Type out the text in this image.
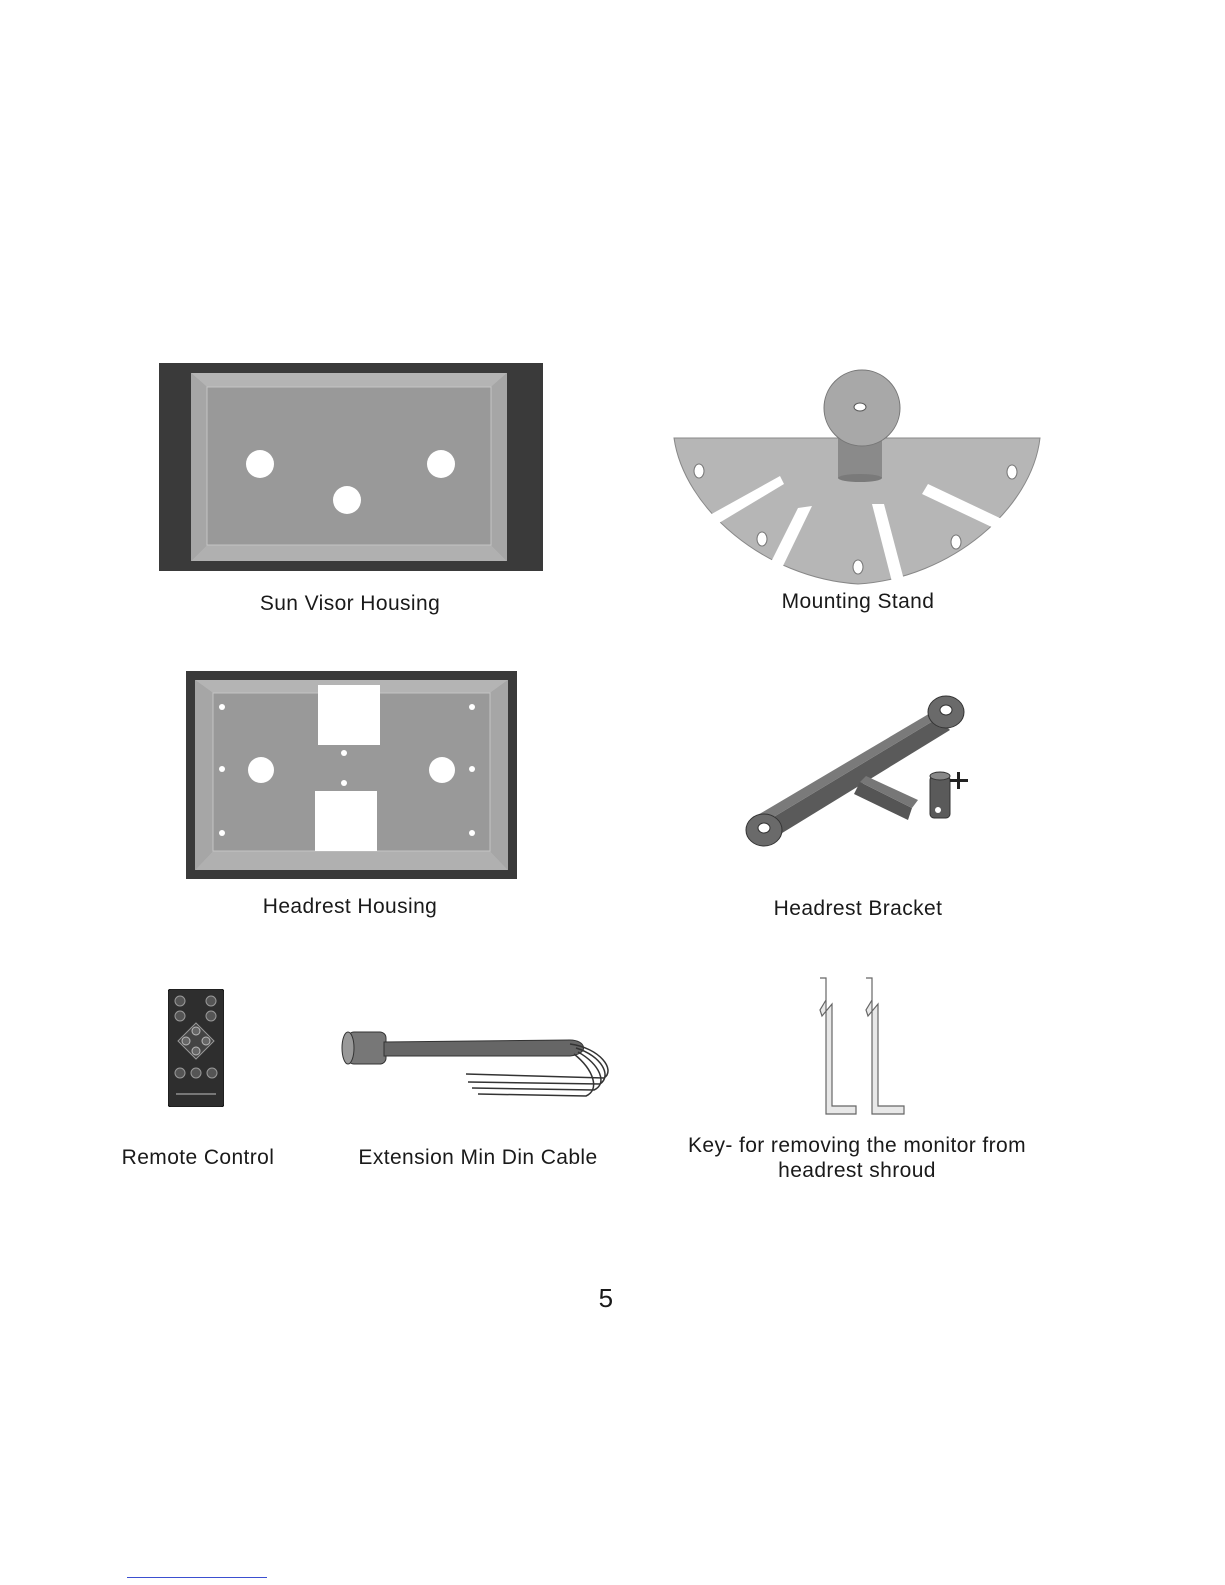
Sun Visor Housing	Mounting Stand
Headrest Housing	Headrest Bracket
Remote Control	Extension Min Din Cable
Key- for removing the monitor from headrest shroud
5
